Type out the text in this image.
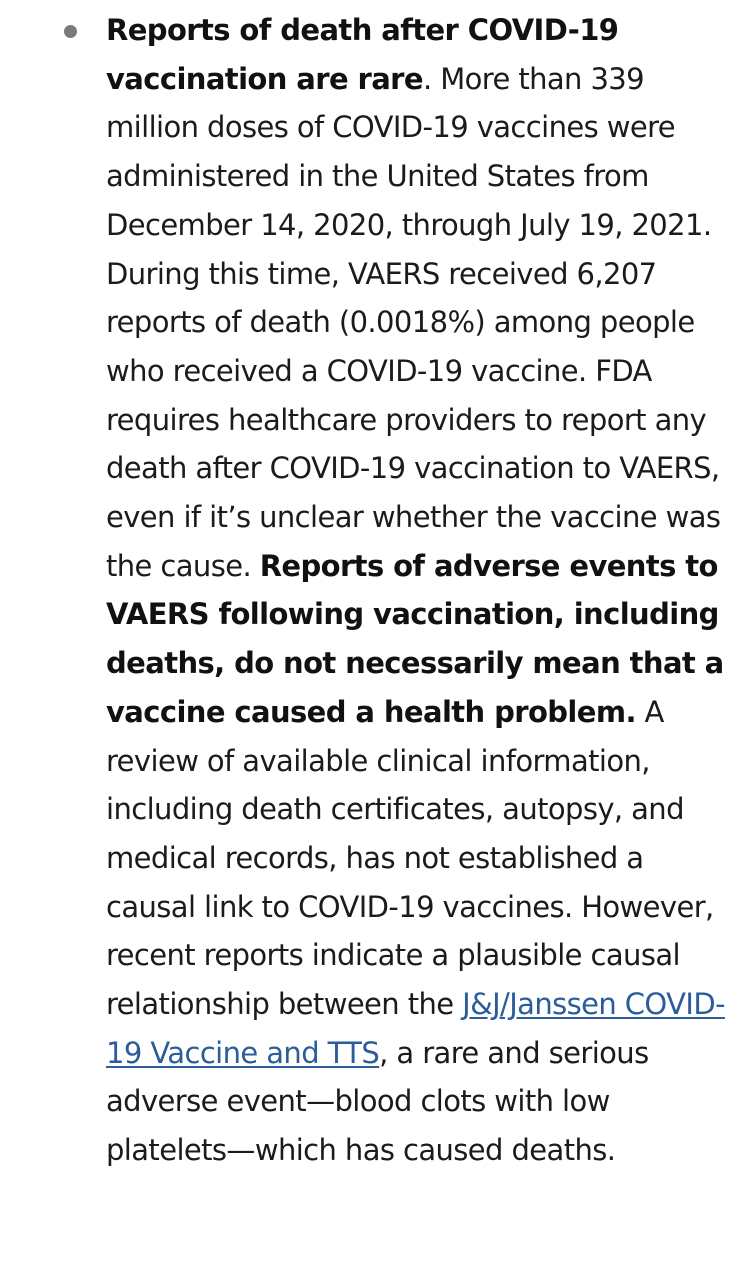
Reports of death after COVID-19 vaccination are rare. More than 339 million doses of COVID-19 vaccines were administered in the United States from December 14, 2020, through July 19, 2021. During this time, VAERS received 6,207 reports of death (0.0018%) among people who received a COVID-19 vaccine. FDA requires healthcare providers to report any death after COVID-19 vaccination to VAERS, even if it’s unclear whether the vaccine was the cause. Reports of adverse events to VAERS following vaccination, including deaths, do not necessarily mean that a vaccine caused a health problem. A review of available clinical information, including death certificates, autopsy, and medical records, has not established a causal link to COVID-19 vaccines. However, recent reports indicate a plausible causal relationship between the J&J/Janssen COVID-19 Vaccine and TTS, a rare and serious adverse event—blood clots with low platelets—which has caused deaths.
